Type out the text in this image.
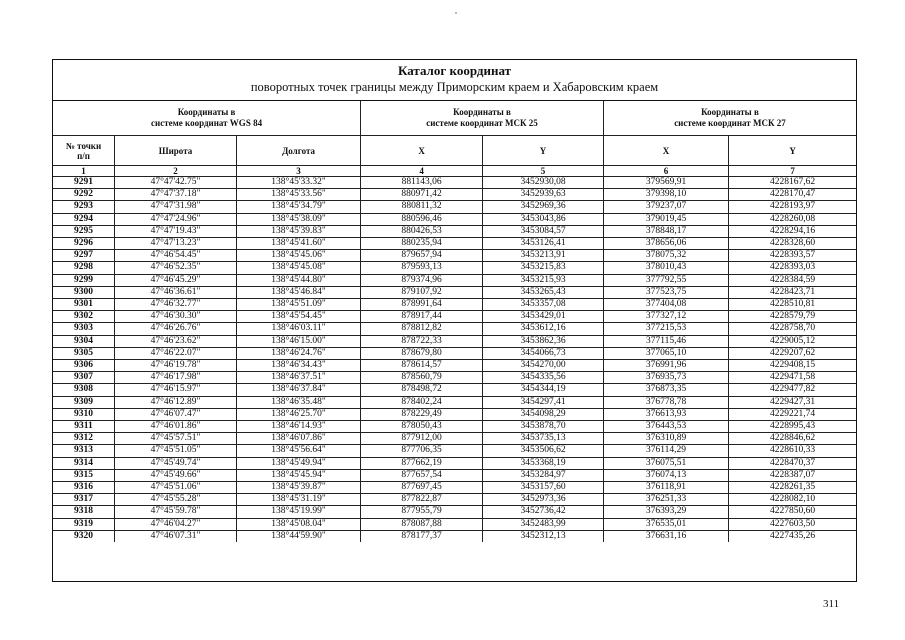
Каталог координат
поворотных точек границы между Приморским краем и Хабаровским краем
Координаты в
системе координат WGS 84			Координаты в
системе координат МСК 25		Координаты в
системе координат МСК 27	
№ точки
п/п	Широта	Долгота	X	Y	X	Y
1	2	3	4	5	6	7
9291	47°47'42.75"	138°45'33.32"	881143,06	3452930,08	379569,91	4228167,62
9292	47°47'37.18"	138°45'33.56"	880971,42	3452939,63	379398,10	4228170,47
9293	47°47'31.98"	138°45'34.79"	880811,32	3452969,36	379237,07	4228193,97
9294	47°47'24.96"	138°45'38.09"	880596,46	3453043,86	379019,45	4228260,08
9295	47°47'19.43"	138°45'39.83"	880426,53	3453084,57	378848,17	4228294,16
9296	47°47'13.23"	138°45'41.60"	880235,94	3453126,41	378656,06	4228328,60
9297	47°46'54.45"	138°45'45.06"	879657,94	3453213,91	378075,32	4228393,57
9298	47°46'52.35"	138°45'45.08"	879593,13	3453215,83	378010,43	4228393,03
9299	47°46'45.29"	138°45'44.80"	879374,96	3453215,93	377792,55	4228384,59
9300	47°46'36.61"	138°45'46.84"	879107,92	3453265,43	377523,75	4228423,71
9301	47°46'32.77"	138°45'51.09"	878991,64	3453357,08	377404,08	4228510,81
9302	47°46'30.30"	138°45'54.45"	878917,44	3453429,01	377327,12	4228579,79
9303	47°46'26.76"	138°46'03.11"	878812,82	3453612,16	377215,53	4228758,70
9304	47°46'23.62"	138°46'15.00"	878722,33	3453862,36	377115,46	4229005,12
9305	47°46'22.07"	138°46'24.76"	878679,80	3454066,73	377065,10	4229207,62
9306	47°46'19.78"	138°46'34.43"	878614,57	3454270,00	376991,96	4229408,15
9307	47°46'17.98"	138°46'37.51"	878560,79	3454335,56	376935,73	4229471,58
9308	47°46'15.97"	138°46'37.84"	878498,72	3454344,19	376873,35	4229477,82
9309	47°46'12.89"	138°46'35.48"	878402,24	3454297,41	376778,78	4229427,31
9310	47°46'07.47"	138°46'25.70"	878229,49	3454098,29	376613,93	4229221,74
9311	47°46'01.86"	138°46'14.93"	878050,43	3453878,70	376443,53	4228995,43
9312	47°45'57.51"	138°46'07.86"	877912,00	3453735,13	376310,89	4228846,62
9313	47°45'51.05"	138°45'56.64"	877706,35	3453506,62	376114,29	4228610,33
9314	47°45'49.74"	138°45'49.94"	877662,19	3453368,19	376075,51	4228470,37
9315	47°45'49.66"	138°45'45.94"	877657,54	3453284,97	376074,13	4228387,07
9316	47°45'51.06"	138°45'39.87"	877697,45	3453157,60	376118,91	4228261,35
9317	47°45'55.28"	138°45'31.19"	877822,87	3452973,36	376251,33	4228082,10
9318	47°45'59.78"	138°45'19.99"	877955,79	3452736,42	376393,29	4227850,60
9319	47°46'04.27"	138°45'08.04"	878087,88	3452483,99	376535,01	4227603,50
9320	47°46'07.31"	138°44'59.90"	878177,37	3452312,13	376631,16	4227435,26
311
